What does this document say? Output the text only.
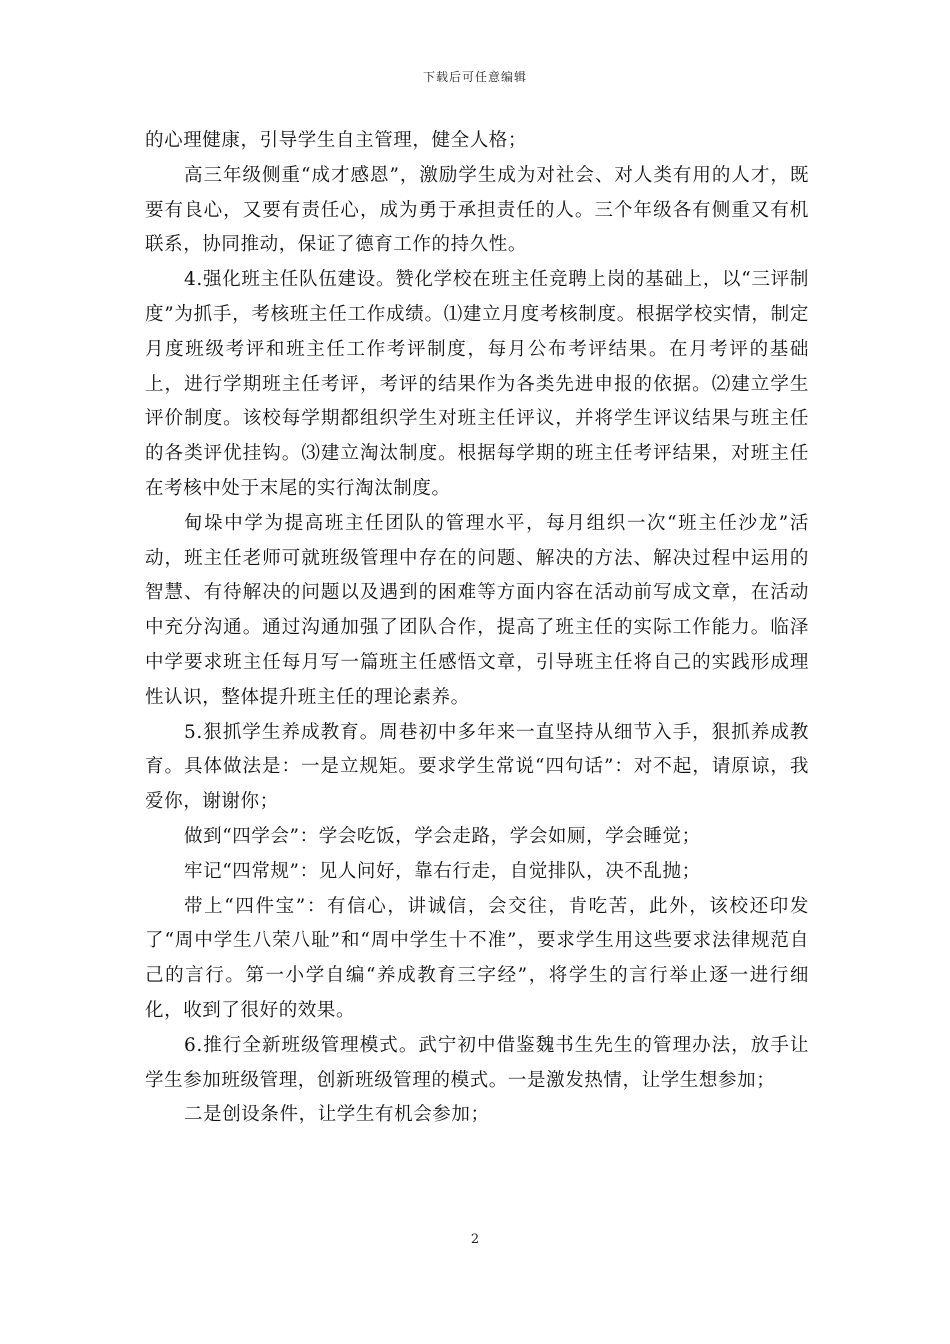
下载后可任意编辑

的心理健康，引导学生自主管理，健全人格；

高三年级侧重“成才感恩”，激励学生成为对社会、对人类有用的人才，既要有良心，又要有责任心，成为勇于承担责任的人。三个年级各有侧重又有机联系，协同推动，保证了德育工作的持久性。

4.强化班主任队伍建设。赞化学校在班主任竞聘上岗的基础上，以“三评制度”为抓手，考核班主任工作成绩。⑴建立月度考核制度。根据学校实情，制定月度班级考评和班主任工作考评制度，每月公布考评结果。在月考评的基础上，进行学期班主任考评，考评的结果作为各类先进申报的依据。⑵建立学生评价制度。该校每学期都组织学生对班主任评议，并将学生评议结果与班主任的各类评优挂钩。⑶建立淘汰制度。根据每学期的班主任考评结果，对班主任在考核中处于末尾的实行淘汰制度。

甸垛中学为提高班主任团队的管理水平，每月组织一次“班主任沙龙”活动，班主任老师可就班级管理中存在的问题、解决的方法、解决过程中运用的智慧、有待解决的问题以及遇到的困难等方面内容在活动前写成文章，在活动中充分沟通。通过沟通加强了团队合作，提高了班主任的实际工作能力。临泽中学要求班主任每月写一篇班主任感悟文章，引导班主任将自己的实践形成理性认识，整体提升班主任的理论素养。

5.狠抓学生养成教育。周巷初中多年来一直坚持从细节入手，狠抓养成教育。具体做法是：一是立规矩。要求学生常说“四句话”：对不起，请原谅，我爱你，谢谢你；

做到“四学会”：学会吃饭，学会走路，学会如厕，学会睡觉；

牢记“四常规”：见人问好，靠右行走，自觉排队，决不乱抛；

带上“四件宝”：有信心，讲诚信，会交往，肯吃苦，此外，该校还印发了“周中学生八荣八耻”和“周中学生十不准”，要求学生用这些要求法律规范自己的言行。第一小学自编“养成教育三字经”，将学生的言行举止逐一进行细化，收到了很好的效果。

6.推行全新班级管理模式。武宁初中借鉴魏书生先生的管理办法，放手让学生参加班级管理，创新班级管理的模式。一是激发热情，让学生想参加；

二是创设条件，让学生有机会参加；

2
